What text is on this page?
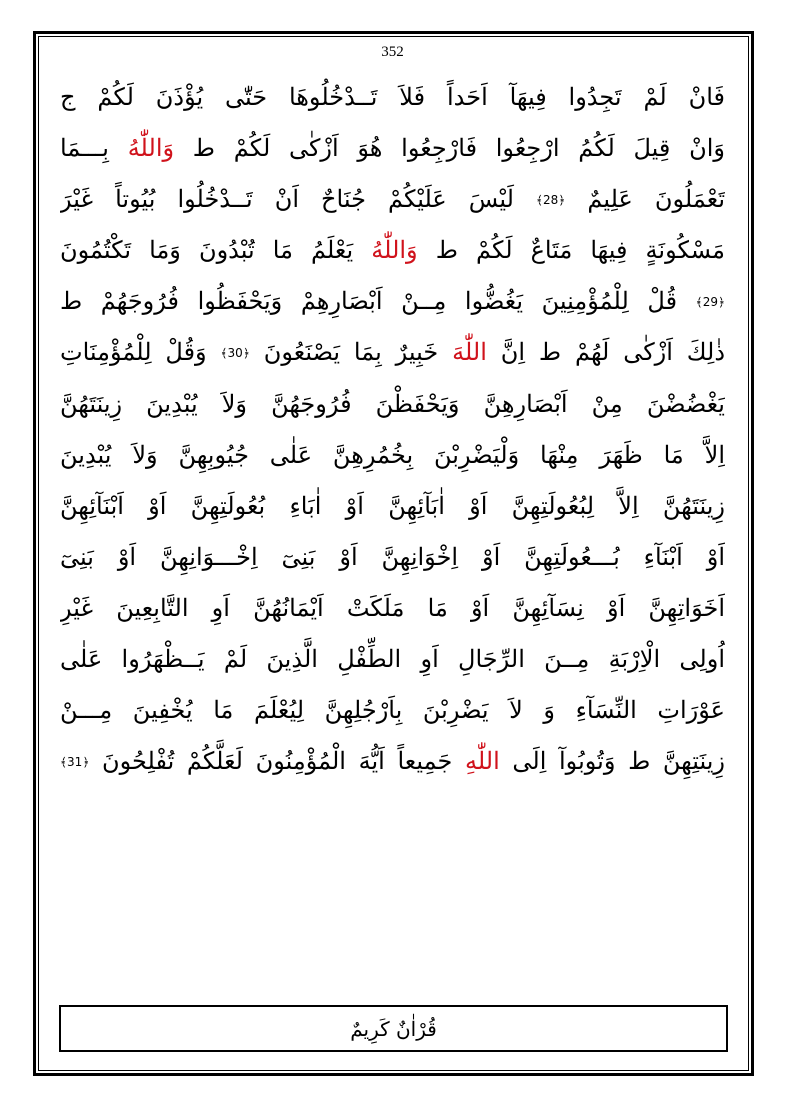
352
فَانْ لَمْ تَجِدُوا فِيهَآ اَحَداً فَلاَ تَــدْخُلُوهَا حَتّٰى يُؤْذَنَ لَكُمْ ج
وَانْ قِيلَ لَكُمُ ارْجِعُوا فَارْجِعُوا هُوَ اَزْكٰى لَكُمْ ط وَاللّٰهُ بِـــمَا
تَعْمَلُونَ عَلِيمٌ ﴿28﴾ لَيْسَ عَلَيْكُمْ جُنَاحٌ اَنْ تَــدْخُلُوا بُيُوتاً غَيْرَ
مَسْكُونَةٍ فِيهَا مَتَاعٌ لَكُمْ ط وَاللّٰهُ يَعْلَمُ مَا تُبْدُونَ وَمَا تَكْتُمُونَ
﴿29﴾ قُلْ لِلْمُؤْمِنِينَ يَغُضُّوا مِــنْ اَبْصَارِهِمْ وَيَحْفَظُوا فُرُوجَهُمْ ط
ذٰلِكَ اَزْكٰى لَهُمْ ط اِنَّ اللّٰهَ خَبِيرٌ بِمَا يَصْنَعُونَ ﴿30﴾ وَقُلْ لِلْمُؤْمِنَاتِ
يَغْضُضْنَ مِنْ اَبْصَارِهِنَّ وَيَحْفَظْنَ فُرُوجَهُنَّ وَلاَ يُبْدِينَ زِينَتَهُنَّ
اِلاَّ مَا ظَهَرَ مِنْهَا وَلْيَضْرِبْنَ بِخُمُرِهِنَّ عَلٰى جُيُوبِهِنَّ وَلاَ يُبْدِينَ
زِينَتَهُنَّ اِلاَّ لِبُعُولَتِهِنَّ اَوْ اٰبَآئِهِنَّ اَوْ اٰبَاءِ بُعُولَتِهِنَّ اَوْ اَبْنَآئِهِنَّ
اَوْ اَبْنَآءِ بُـــعُولَتِهِنَّ اَوْ اِخْوَانِهِنَّ اَوْ بَنِىٓ اِخْـــوَانِهِنَّ اَوْ بَنِىٓ
اَخَوَاتِهِنَّ اَوْ نِسَآئِهِنَّ اَوْ مَا مَلَكَتْ اَيْمَانُهُنَّ اَوِ التَّابِعِينَ غَيْرِ
اُولِى الْاِرْبَةِ مِــنَ الرِّجَالِ اَوِ الطِّفْلِ الَّذِينَ لَمْ يَــظْهَرُوا عَلٰى
عَوْرَاتِ النِّسَآءِ وَ لاَ يَضْرِبْنَ بِاَرْجُلِهِنَّ لِيُعْلَمَ مَا يُخْفِينَ مِـــنْ
زِينَتِهِنَّ ط وَتُوبُوآ اِلَى اللّٰهِ جَمِيعاً اَيُّهَ الْمُؤْمِنُونَ لَعَلَّكُمْ تُفْلِحُونَ ﴿31﴾
قُرْاٰنٌ كَرِيمٌ
